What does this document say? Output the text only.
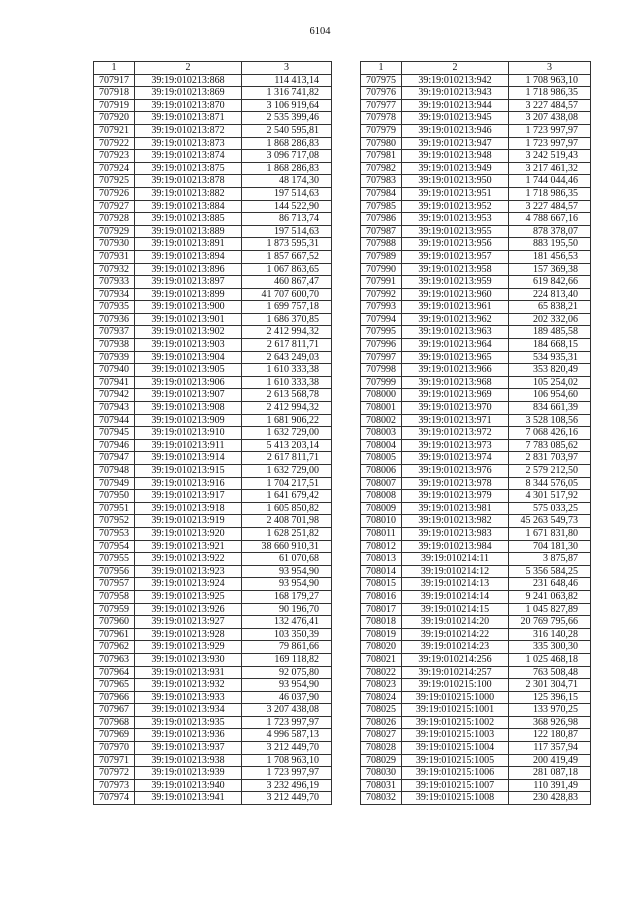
6104
1	2	3
707917	39:19:010213:868	114 413,14
707918	39:19:010213:869	1 316 741,82
707919	39:19:010213:870	3 106 919,64
707920	39:19:010213:871	2 535 399,46
707921	39:19:010213:872	2 540 595,81
707922	39:19:010213:873	1 868 286,83
707923	39:19:010213:874	3 096 717,08
707924	39:19:010213:875	1 868 286,83
707925	39:19:010213:878	48 174,30
707926	39:19:010213:882	197 514,63
707927	39:19:010213:884	144 522,90
707928	39:19:010213:885	86 713,74
707929	39:19:010213:889	197 514,63
707930	39:19:010213:891	1 873 595,31
707931	39:19:010213:894	1 857 667,52
707932	39:19:010213:896	1 067 863,65
707933	39:19:010213:897	460 867,47
707934	39:19:010213:899	41 707 600,70
707935	39:19:010213:900	1 699 757,18
707936	39:19:010213:901	1 686 370,85
707937	39:19:010213:902	2 412 994,32
707938	39:19:010213:903	2 617 811,71
707939	39:19:010213:904	2 643 249,03
707940	39:19:010213:905	1 610 333,38
707941	39:19:010213:906	1 610 333,38
707942	39:19:010213:907	2 613 568,78
707943	39:19:010213:908	2 412 994,32
707944	39:19:010213:909	1 681 906,22
707945	39:19:010213:910	1 632 729,00
707946	39:19:010213:911	5 413 203,14
707947	39:19:010213:914	2 617 811,71
707948	39:19:010213:915	1 632 729,00
707949	39:19:010213:916	1 704 217,51
707950	39:19:010213:917	1 641 679,42
707951	39:19:010213:918	1 605 850,82
707952	39:19:010213:919	2 408 701,98
707953	39:19:010213:920	1 628 251,82
707954	39:19:010213:921	38 660 910,31
707955	39:19:010213:922	61 070,68
707956	39:19:010213:923	93 954,90
707957	39:19:010213:924	93 954,90
707958	39:19:010213:925	168 179,27
707959	39:19:010213:926	90 196,70
707960	39:19:010213:927	132 476,41
707961	39:19:010213:928	103 350,39
707962	39:19:010213:929	79 861,66
707963	39:19:010213:930	169 118,82
707964	39:19:010213:931	92 075,80
707965	39:19:010213:932	93 954,90
707966	39:19:010213:933	46 037,90
707967	39:19:010213:934	3 207 438,08
707968	39:19:010213:935	1 723 997,97
707969	39:19:010213:936	4 996 587,13
707970	39:19:010213:937	3 212 449,70
707971	39:19:010213:938	1 708 963,10
707972	39:19:010213:939	1 723 997,97
707973	39:19:010213:940	3 232 496,19
707974	39:19:010213:941	3 212 449,70
1	2	3
707975	39:19:010213:942	1 708 963,10
707976	39:19:010213:943	1 718 986,35
707977	39:19:010213:944	3 227 484,57
707978	39:19:010213:945	3 207 438,08
707979	39:19:010213:946	1 723 997,97
707980	39:19:010213:947	1 723 997,97
707981	39:19:010213:948	3 242 519,43
707982	39:19:010213:949	3 217 461,32
707983	39:19:010213:950	1 744 044,46
707984	39:19:010213:951	1 718 986,35
707985	39:19:010213:952	3 227 484,57
707986	39:19:010213:953	4 788 667,16
707987	39:19:010213:955	878 378,07
707988	39:19:010213:956	883 195,50
707989	39:19:010213:957	181 456,53
707990	39:19:010213:958	157 369,38
707991	39:19:010213:959	619 842,66
707992	39:19:010213:960	224 813,40
707993	39:19:010213:961	65 838,21
707994	39:19:010213:962	202 332,06
707995	39:19:010213:963	189 485,58
707996	39:19:010213:964	184 668,15
707997	39:19:010213:965	534 935,31
707998	39:19:010213:966	353 820,49
707999	39:19:010213:968	105 254,02
708000	39:19:010213:969	106 954,60
708001	39:19:010213:970	834 661,39
708002	39:19:010213:971	3 528 108,56
708003	39:19:010213:972	7 068 426,16
708004	39:19:010213:973	7 783 085,62
708005	39:19:010213:974	2 831 703,97
708006	39:19:010213:976	2 579 212,50
708007	39:19:010213:978	8 344 576,05
708008	39:19:010213:979	4 301 517,92
708009	39:19:010213:981	575 033,25
708010	39:19:010213:982	45 263 549,73
708011	39:19:010213:983	1 671 831,80
708012	39:19:010213:984	704 181,30
708013	39:19:010214:11	3 875,87
708014	39:19:010214:12	5 356 584,25
708015	39:19:010214:13	231 648,46
708016	39:19:010214:14	9 241 063,82
708017	39:19:010214:15	1 045 827,89
708018	39:19:010214:20	20 769 795,66
708019	39:19:010214:22	316 140,28
708020	39:19:010214:23	335 300,30
708021	39:19:010214:256	1 025 468,18
708022	39:19:010214:257	763 508,48
708023	39:19:010215:100	2 301 304,71
708024	39:19:010215:1000	125 396,15
708025	39:19:010215:1001	133 970,25
708026	39:19:010215:1002	368 926,98
708027	39:19:010215:1003	122 180,87
708028	39:19:010215:1004	117 357,94
708029	39:19:010215:1005	200 419,49
708030	39:19:010215:1006	281 087,18
708031	39:19:010215:1007	110 391,49
708032	39:19:010215:1008	230 428,83
